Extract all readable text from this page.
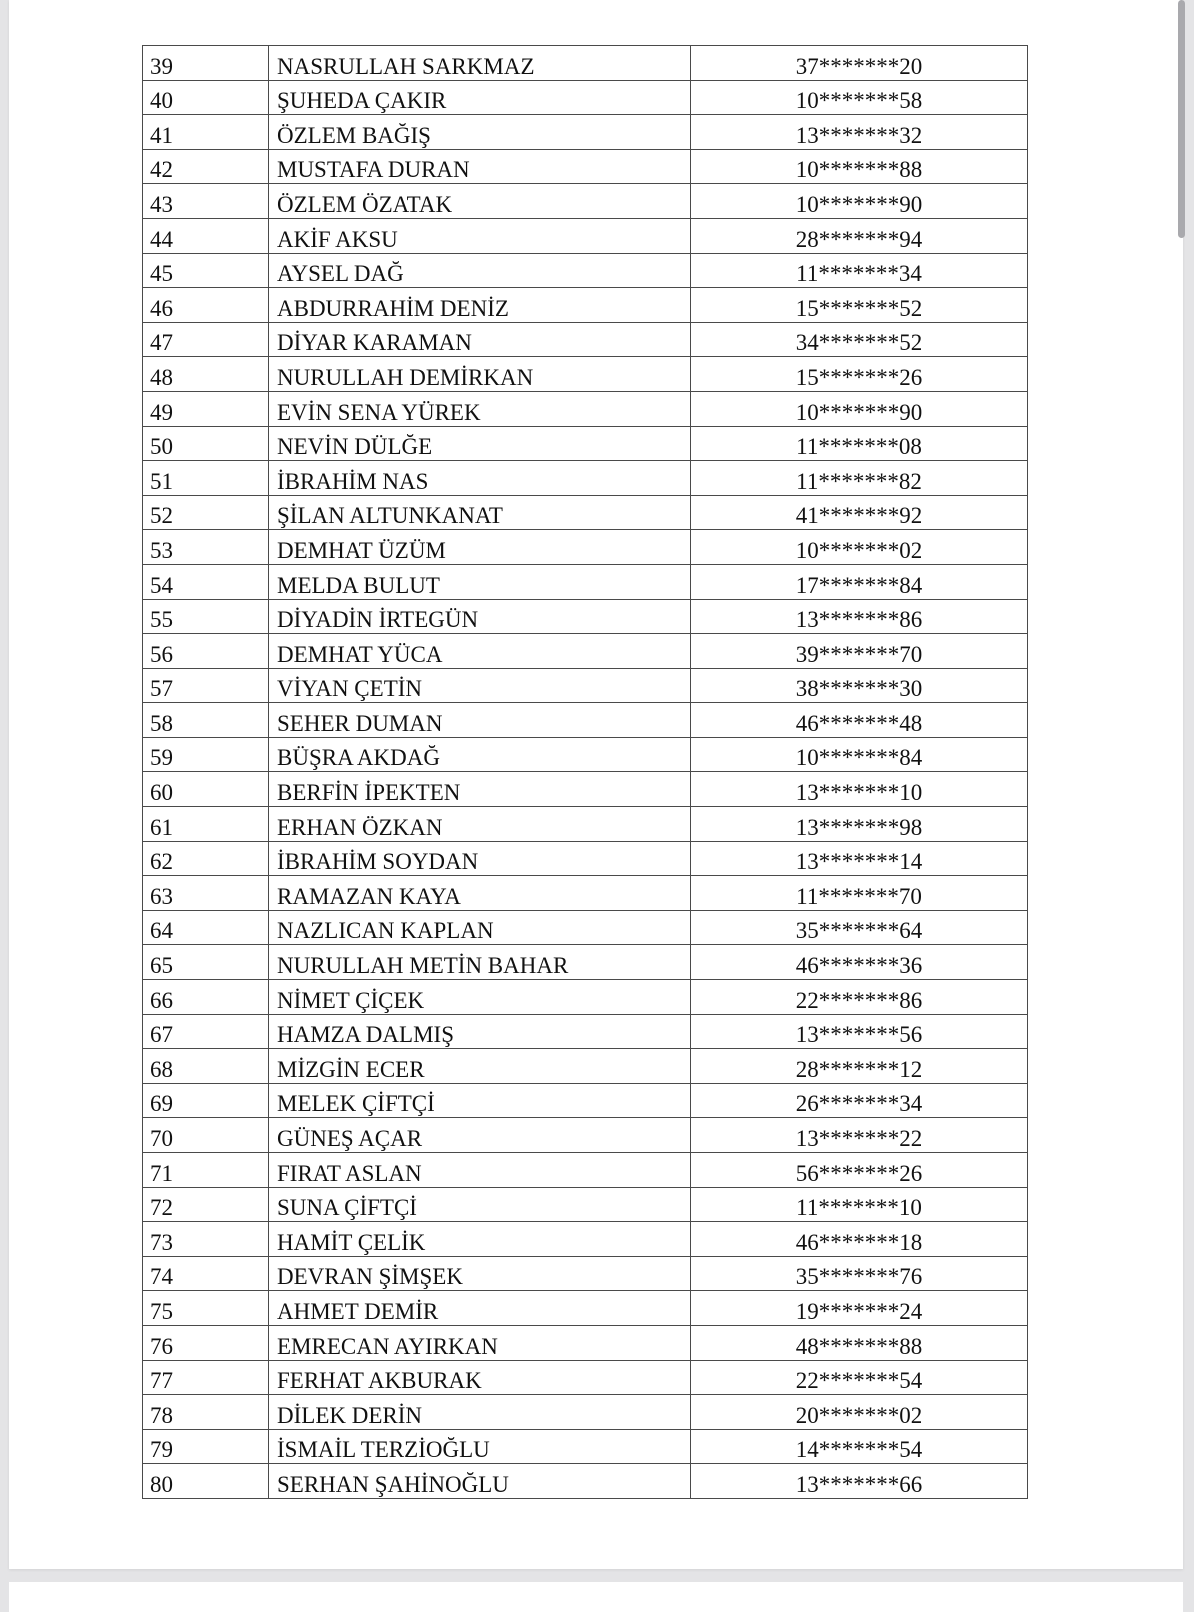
39	NASRULLAH SARKMAZ	37*******20
40	ŞUHEDA ÇAKIR	10*******58
41	ÖZLEM BAĞIŞ	13*******32
42	MUSTAFA DURAN	10*******88
43	ÖZLEM ÖZATAK	10*******90
44	AKİF AKSU	28*******94
45	AYSEL DAĞ	11*******34
46	ABDURRAHİM DENİZ	15*******52
47	DİYAR KARAMAN	34*******52
48	NURULLAH DEMİRKAN	15*******26
49	EVİN SENA YÜREK	10*******90
50	NEVİN DÜLĞE	11*******08
51	İBRAHİM NAS	11*******82
52	ŞİLAN ALTUNKANAT	41*******92
53	DEMHAT ÜZÜM	10*******02
54	MELDA BULUT	17*******84
55	DİYADİN İRTEGÜN	13*******86
56	DEMHAT YÜCA	39*******70
57	VİYAN ÇETİN	38*******30
58	SEHER DUMAN	46*******48
59	BÜŞRA AKDAĞ	10*******84
60	BERFİN İPEKTEN	13*******10
61	ERHAN ÖZKAN	13*******98
62	İBRAHİM SOYDAN	13*******14
63	RAMAZAN KAYA	11*******70
64	NAZLICAN KAPLAN	35*******64
65	NURULLAH METİN BAHAR	46*******36
66	NİMET ÇİÇEK	22*******86
67	HAMZA DALMIŞ	13*******56
68	MİZGİN ECER	28*******12
69	MELEK ÇİFTÇİ	26*******34
70	GÜNEŞ AÇAR	13*******22
71	FIRAT ASLAN	56*******26
72	SUNA ÇİFTÇİ	11*******10
73	HAMİT ÇELİK	46*******18
74	DEVRAN ŞİMŞEK	35*******76
75	AHMET DEMİR	19*******24
76	EMRECAN AYIRKAN	48*******88
77	FERHAT AKBURAK	22*******54
78	DİLEK DERİN	20*******02
79	İSMAİL TERZİOĞLU	14*******54
80	SERHAN ŞAHİNOĞLU	13*******66
